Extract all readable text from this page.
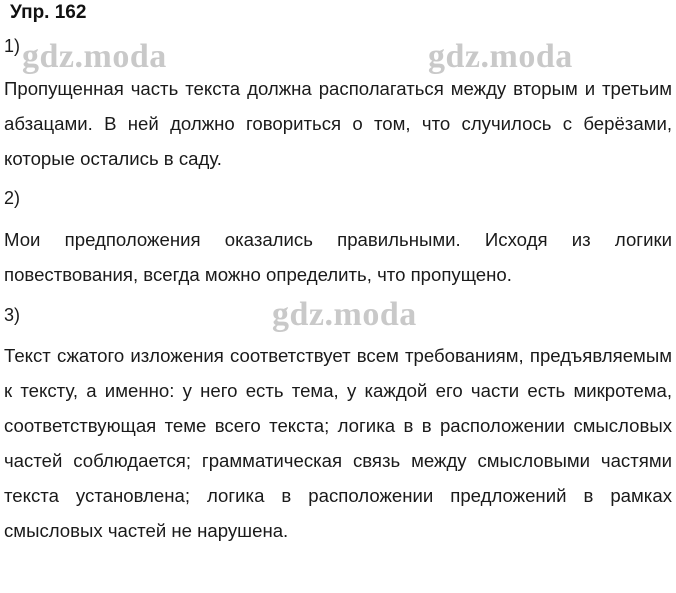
Упр. 162
1) gdz.moda	gdz.moda

Пропущенная часть текста должна располагаться между вторым и третьим абзацами. В ней должно говориться о том, что случилось с берёзами, которые остались в саду.

2)

Мои предположения оказались правильными. Исходя из логики повествования, всегда можно определить, что пропущено.

3)	gdz.moda

Текст сжатого изложения соответствует всем требованиям, предъявляемым к тексту, а именно: у него есть тема, у каждой его части есть микротема, соответствующая теме всего текста; логика в в расположении смысловых частей соблюдается; грамматическая связь между смысловыми частями текста установлена; логика в расположении предложений в рамках смысловых частей не нарушена.
